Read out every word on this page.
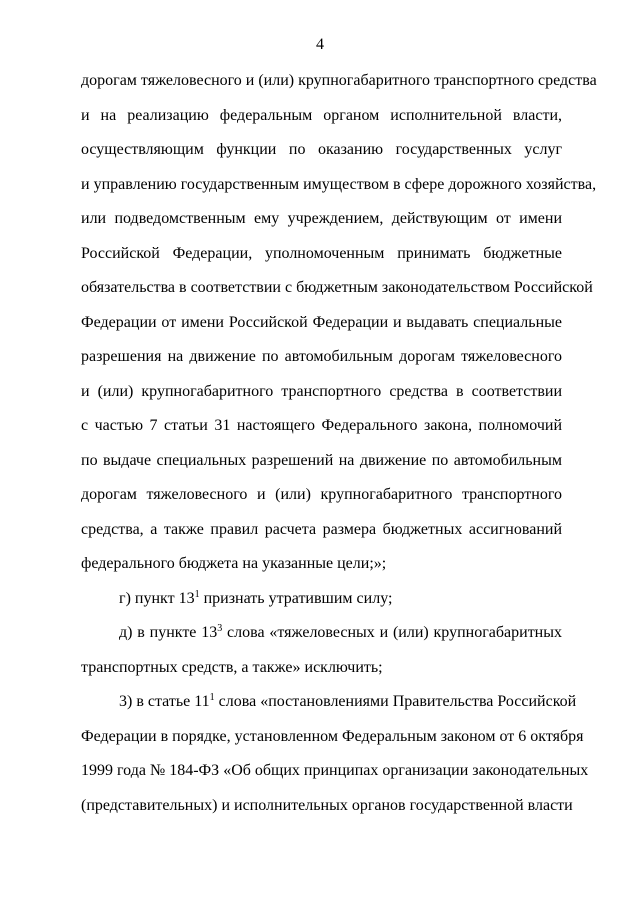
4
дорогам тяжеловесного и (или) крупногабаритного транспортного средства
и на реализацию федеральным органом исполнительной власти,
осуществляющим функции по оказанию государственных услуг
и управлению государственным имуществом в сфере дорожного хозяйства,
или подведомственным ему учреждением, действующим от имени
Российской Федерации, уполномоченным принимать бюджетные
обязательства в соответствии с бюджетным законодательством Российской
Федерации от имени Российской Федерации и выдавать специальные
разрешения на движение по автомобильным дорогам тяжеловесного
и (или) крупногабаритного транспортного средства в соответствии
с частью 7 статьи 31 настоящего Федерального закона, полномочий
по выдаче специальных разрешений на движение по автомобильным
дорогам тяжеловесного и (или) крупногабаритного транспортного
средства, а также правил расчета размера бюджетных ассигнований
федерального бюджета на указанные цели;»;
г) пункт $13^1$ признать утратившим силу;
д) в пункте $13^3$ слова «тяжеловесных и (или) крупногабаритных
транспортных средств, а также» исключить;
3) в статье $11^1$ слова «постановлениями Правительства Российской
Федерации в порядке, установленном Федеральным законом от 6 октября
1999 года № 184-ФЗ «Об общих принципах организации законодательных
(представительных) и исполнительных органов государственной власти
